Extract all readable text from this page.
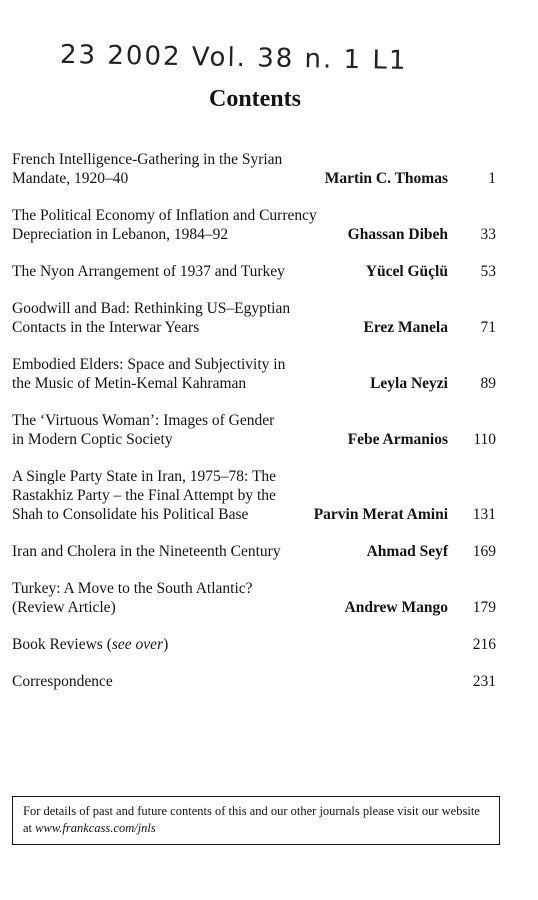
23 2002 Vol. 38 n. 1 L1
Contents
French Intelligence-Gathering in the Syrian
Mandate, 1920–40	Martin C. Thomas	1
The Political Economy of Inflation and Currency
Depreciation in Lebanon, 1984–92	Ghassan Dibeh	33
The Nyon Arrangement of 1937 and Turkey	Yücel Güçlü	53
Goodwill and Bad: Rethinking US–Egyptian
Contacts in the Interwar Years	Erez Manela	71
Embodied Elders: Space and Subjectivity in
the Music of Metin-Kemal Kahraman	Leyla Neyzi	89
The ‘Virtuous Woman’: Images of Gender
in Modern Coptic Society	Febe Armanios	110
A Single Party State in Iran, 1975–78: The
Rastakhiz Party – the Final Attempt by the
Shah to Consolidate his Political Base	Parvin Merat Amini	131
Iran and Cholera in the Nineteenth Century	Ahmad Seyf	169
Turkey: A Move to the South Atlantic?
(Review Article)	Andrew Mango	179
Book Reviews (see over)	216
Correspondence	231
For details of past and future contents of this and our other journals please visit our website at www.frankcass.com/jnls
